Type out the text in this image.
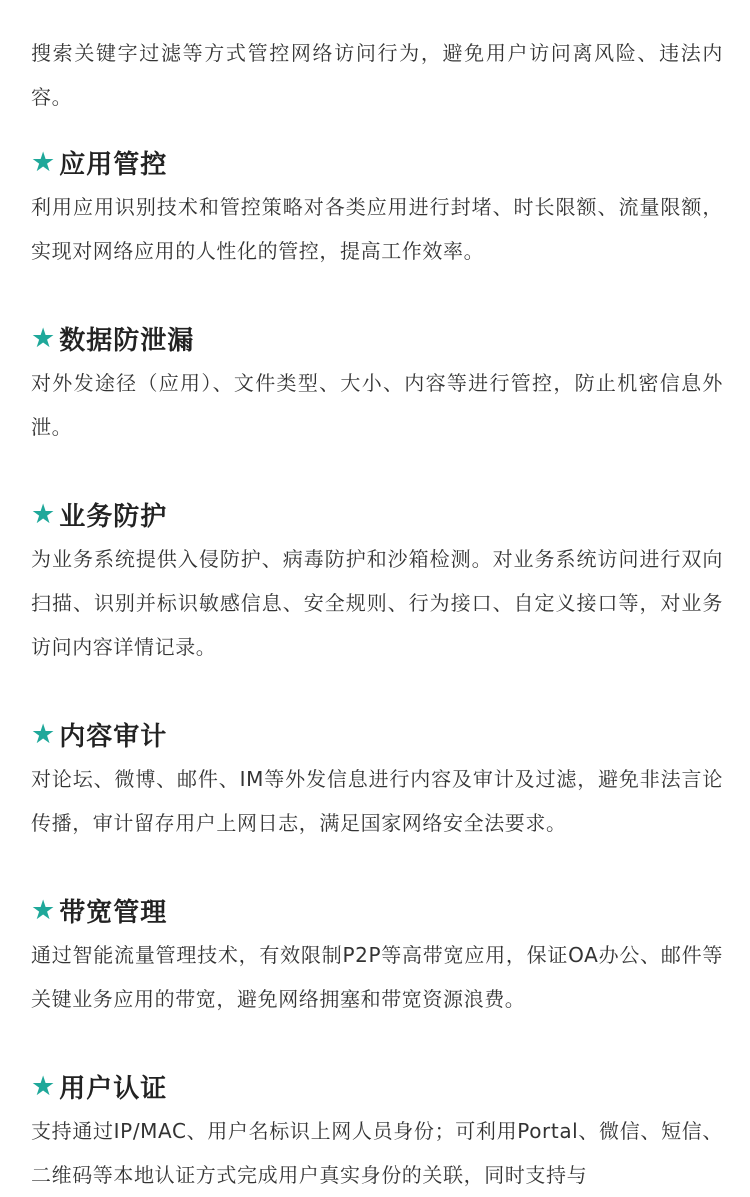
搜索关键字过滤等方式管控网络访问行为，避免用户访问离风险、违法内容。

★ 应用管控

利用应用识别技术和管控策略对各类应用进行封堵、时长限额、流量限额，实现对网络应用的人性化的管控，提高工作效率。

★ 数据防泄漏

对外发途径（应用）、文件类型、大小、内容等进行管控，防止机密信息外泄。

★ 业务防护

为业务系统提供入侵防护、病毒防护和沙箱检测。对业务系统访问进行双向扫描、识别并标识敏感信息、安全规则、行为接口、自定义接口等，对业务访问内容详情记录。

★ 内容审计

对论坛、微博、邮件、IM等外发信息进行内容及审计及过滤，避免非法言论传播，审计留存用户上网日志，满足国家网络安全法要求。

★ 带宽管理

通过智能流量管理技术，有效限制P2P等高带宽应用，保证OA办公、邮件等关键业务应用的带宽，避免网络拥塞和带宽资源浪费。

★ 用户认证

支持通过IP/MAC、用户名标识上网人员身份；可利用Portal、微信、短信、二维码等本地认证方式完成用户真实身份的关联，同时支持与
